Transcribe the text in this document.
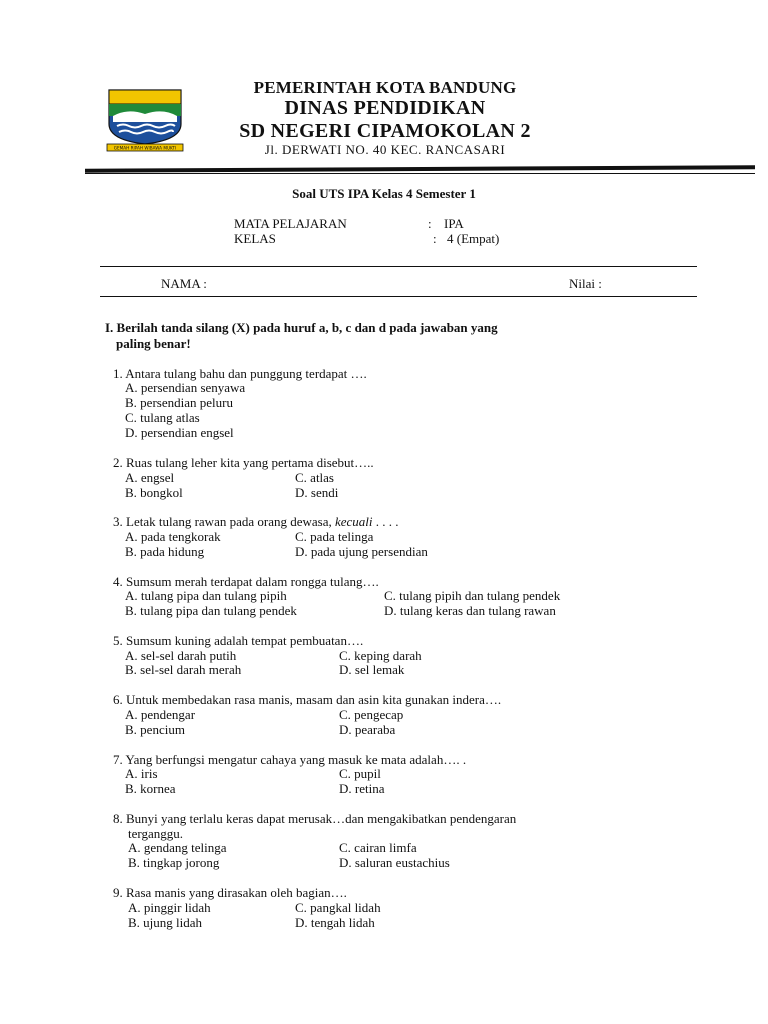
GEMAH RIPAH WIBAWA MUKTI
PEMERINTAH KOTA BANDUNG
DINAS PENDIDIKAN
SD NEGERI CIPAMOKOLAN 2
Jl. DERWATI NO. 40 KEC. RANCASARI
Soal UTS IPA Kelas 4 Semester 1
MATA PELAJARAN	: IPA
KELAS	: 4 (Empat)
NAMA :	Nilai :
I. Berilah tanda silang (X) pada huruf a, b, c dan d pada jawaban yang
paling benar!
1. Antara tulang bahu dan punggung terdapat ….
A. persendian senyawa
B. persendian peluru
C. tulang atlas
D. persendian engsel
2. Ruas tulang leher kita yang pertama disebut…..
A. engsel	C. atlas
B. bongkol	D. sendi
3. Letak tulang rawan pada orang dewasa, kecuali . . . .
A. pada tengkorak	C. pada telinga
B. pada hidung	D. pada ujung persendian
4. Sumsum merah terdapat dalam rongga tulang….
A. tulang pipa dan tulang pipih	C. tulang pipih dan tulang pendek
B. tulang pipa dan tulang pendek	D. tulang keras dan tulang rawan
5. Sumsum kuning adalah tempat pembuatan….
A. sel-sel darah putih	C. keping darah
B. sel-sel darah merah	D. sel lemak
6. Untuk membedakan rasa manis, masam dan asin kita gunakan indera….
A. pendengar	C. pengecap
B. pencium	D. pearaba
7. Yang berfungsi mengatur cahaya yang masuk ke mata adalah…. .
A. iris	C. pupil
B. kornea	D. retina
8. Bunyi yang terlalu keras dapat merusak…dan mengakibatkan pendengaran
terganggu.
A. gendang telinga	C. cairan limfa
B. tingkap jorong	D. saluran eustachius
9. Rasa manis yang dirasakan oleh bagian….
A. pinggir lidah	C. pangkal lidah
B. ujung lidah	D. tengah lidah
